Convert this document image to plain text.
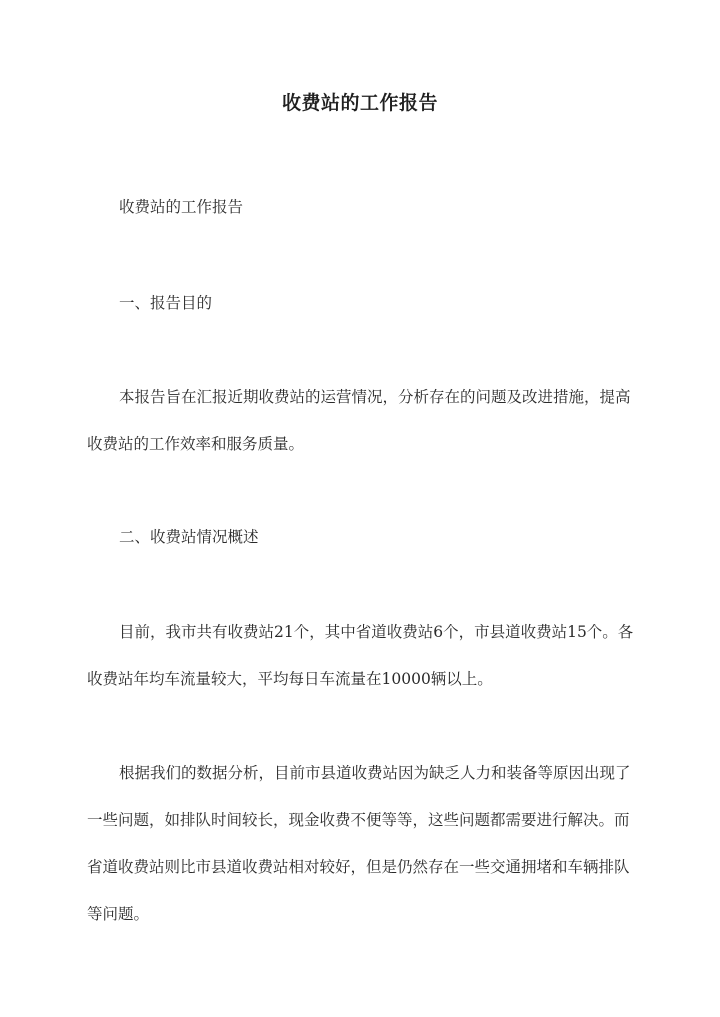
收费站的工作报告

收费站的工作报告

一、报告目的

本报告旨在汇报近期收费站的运营情况，分析存在的问题及改进措施，提高收费站的工作效率和服务质量。

二、收费站情况概述

目前，我市共有收费站21个，其中省道收费站6个，市县道收费站15个。各收费站年均车流量较大，平均每日车流量在10000辆以上。

根据我们的数据分析，目前市县道收费站因为缺乏人力和装备等原因出现了一些问题，如排队时间较长，现金收费不便等等，这些问题都需要进行解决。而省道收费站则比市县道收费站相对较好，但是仍然存在一些交通拥堵和车辆排队等问题。
